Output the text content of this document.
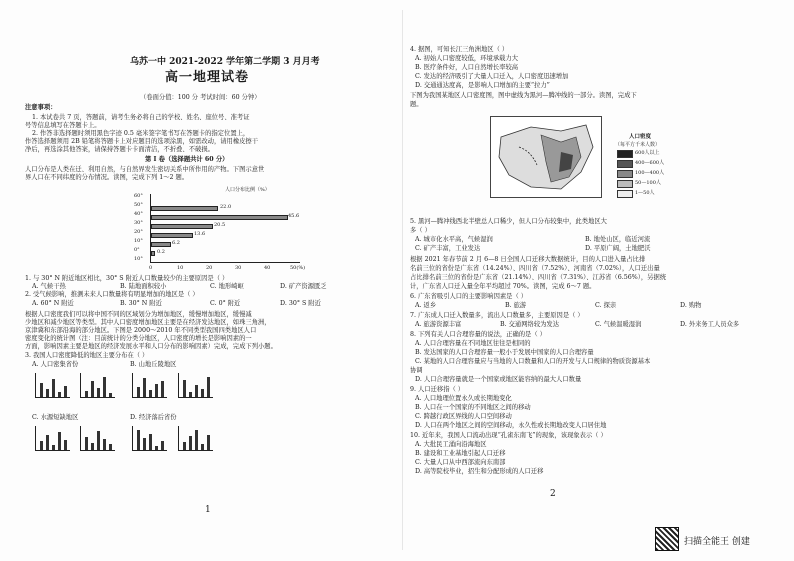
乌苏一中 2021-2022 学年第二学期 3 月月考
高一地理试卷
（卷面分值：100 分 考试时间：60 分钟）
注意事项：
1. 本试卷共 7 页，答题前，请考生务必将自己的学校、姓名、座位号、准考证
号等信息填写在答题卡上。
2. 作答非选择题时须用黑色字迹 0.5 毫米签字笔书写在答题卡的指定位置上，
作答选择题须用 2B 铅笔将答题卡上对应题目的选项涂黑，如需改动，请用橡皮擦干
净后，再选涂其他答案，请保持答题卡卡面清洁，不折叠、不破损。
第 I 卷（选择题共计 60 分）
人口分布是人类在迁、利用自然，与自然界发生密切关系中所作用的产物。下图示意世
界人口在不同纬度的分布情况。读图，完成下列 1～2 题。
人口分布比例（%）
60°
50°
40°
30°
20°
10°
0°
10°
22.0
45.6
20.5
13.6
6.2
0.2
0	10	20	30	40	50(%)
1. 与 30° N 附近地区相比，30° S 附近人口数量较少的主要原因是（ ）
A. 气候干热	B. 陆地面积较小	C. 地形崎岖	D. 矿产资源匮乏
2. 受气候影响，推测未来人口数量将有明显增加的地区是（ ）
A. 60° N 附近	B. 30° N 附近	C. 0° 附近	D. 30° S 附近
根据人口密度我们可以将中国不同的区域划分为增加地区，缓慢增加地区，缓慢减
少地区和减少地区等类型。其中人口密度增加地区主要是在经济发达地区，如珠三角洲，
京津冀和东部沿海的部分地区。下图是 2000～2010 年不同类型我国四类地区人口
密度变化的统计图（注：目前统计的分类分地区，人口密度的增长是影响因素的一
方面，影响因素主要是地区的经济发展水平和人口分布的影响因素）完成，完成下列小题。
3. 我国人口密度降低的地区主要分布在（ ）
A. 人口密集省份	B. 山地丘陵地区
C. 水源短缺地区	D. 经济落后省份
1
4. 据图，可知长江三角洲地区（ ）
A. 初始人口密度较低，环境承载力大
B. 医疗条件好，人口自然增长率较高
C. 发达的经济吸引了大量人口迁入，人口密度迅速增加
D. 交通通达度高，是影响人口增加的主要“拉力”
下图为我国某地区人口密度图，图中虚线为黑河—腾冲线的一部分。读图，完成下
题。
人口密度
（每平方千米人数）
600人以上
400—600人
100—400人
50—100人
1—50人
5. 黑河—腾冲线西北半壁总人口稀少，但人口分布较集中，此类地区大
多（ ）
A. 城市化水平高，气候湿润	B. 地处山区，临近河流
C. 矿产丰富，工业发达	D. 平原广阔，土地肥沃
根据 2021 年春节前 2 月 6—8 日全国人口迁移大数据统计，目的人口进入量占比排
名前三位的省份是广东省（14.24%）、四川省（7.52%）、河南省（7.02%），人口迁出量
占比排名前三位的省份是广东省（21.14%）、四川省（7.31%）、江苏省（6.56%），另据统
计，广东省人口迁入量全年平均超过 70%。读图，完成 6～7 题。
6. 广东省吸引人口的主要影响因素是（ ）
A. 返乡	B. 旅游	C. 探亲	D. 购物
7. 广东成人口迁入数量多，流出人口数量多，主要原因是（ ）
A. 旅游资源丰富	B. 交通网络较为发达	C. 气候温暖湿润	D. 外来务工人员众多
8. 下列有关人口合理容量的说法，正确的是（ ）
A. 人口合理容量在不同地区往往是相同的
B. 发达国家的人口合理容量一般小于发展中国家的人口合理容量
C. 某地的人口合理容量应与当地的人口数量和人口的开发与人口规律的物质资源基本
协调
D. 人口合理容量就是一个国家或地区能容纳的最大人口数量
9. 人口迁移指（ ）
A. 人口地理位置永久或长期地变化
B. 人口在一个国家的不同地区之间的移动
C. 跨越行政区界线的人口空间移动
D. 人口在两个地区之间的空间移动，永久性或长期地改变人口居住地
10. 近年来，我国人口流动出现“孔雀东南飞”的现象，该现象表示（ ）
A. 大批民工涌向沿海地区
B. 建设和工业基地引起人口迁移
C. 大量人口从中西部流向东南部
D. 高等院校毕业，招生和分配形成的人口迁移
2
扫描全能王 创建
